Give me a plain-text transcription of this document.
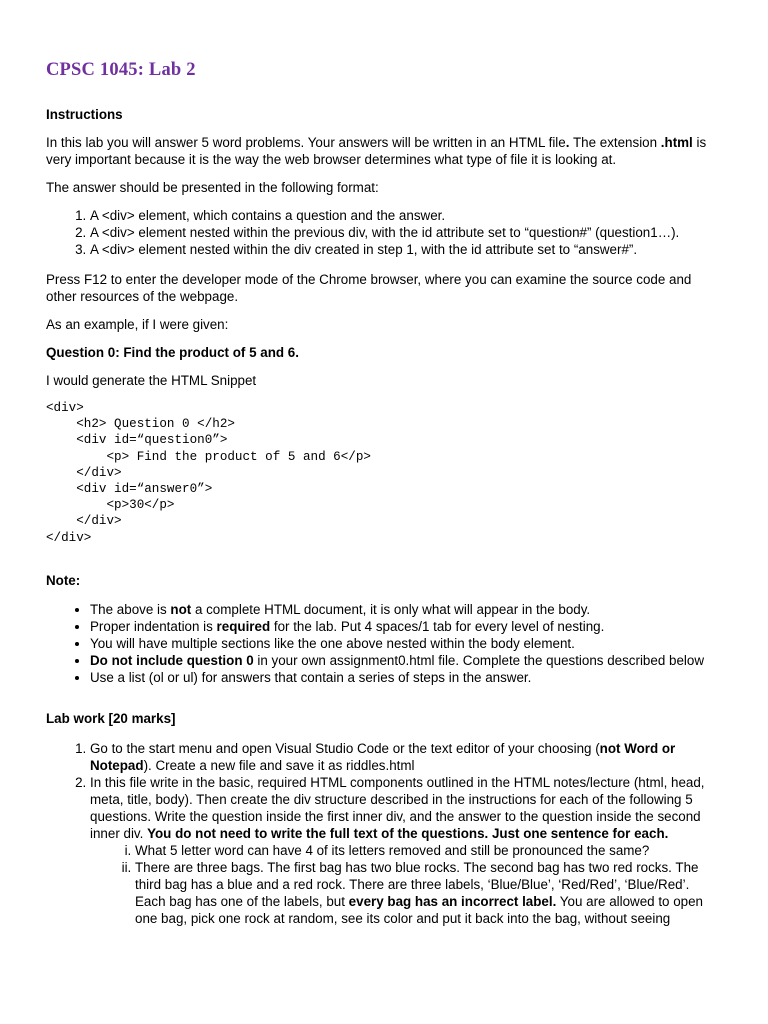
CPSC 1045: Lab 2

Instructions

In this lab you will answer 5 word problems. Your answers will be written in an HTML file. The extension .html is very important because it is the way the web browser determines what type of file it is looking at.

The answer should be presented in the following format:

1. A <div> element, which contains a question and the answer.
2. A <div> element nested within the previous div, with the id attribute set to “question#” (question1…).
3. A <div> element nested within the div created in step 1, with the id attribute set to “answer#”.

Press F12 to enter the developer mode of the Chrome browser, where you can examine the source code and other resources of the webpage.

As an example, if I were given:

Question 0: Find the product of 5 and 6.

I would generate the HTML Snippet

<div>
<h2> Question 0 </h2>
<div id=“question0”>
<p> Find the product of 5 and 6</p>
</div>
<div id=“answer0”>
<p>30</p>
</div>
</div>

Note:

• The above is not a complete HTML document, it is only what will appear in the body.
• Proper indentation is required for the lab. Put 4 spaces/1 tab for every level of nesting.
• You will have multiple sections like the one above nested within the body element.
• Do not include question 0 in your own assignment0.html file. Complete the questions described below
• Use a list (ol or ul) for answers that contain a series of steps in the answer.

Lab work [20 marks]

1. Go to the start menu and open Visual Studio Code or the text editor of your choosing (not Word or Notepad). Create a new file and save it as riddles.html
2. In this file write in the basic, required HTML components outlined in the HTML notes/lecture (html, head, meta, title, body). Then create the div structure described in the instructions for each of the following 5 questions. Write the question inside the first inner div, and the answer to the question inside the second inner div. You do not need to write the full text of the questions. Just one sentence for each.
i. What 5 letter word can have 4 of its letters removed and still be pronounced the same?
ii. There are three bags. The first bag has two blue rocks. The second bag has two red rocks. The third bag has a blue and a red rock. There are three labels, ‘Blue/Blue’, ‘Red/Red’, ‘Blue/Red’. Each bag has one of the labels, but every bag has an incorrect label. You are allowed to open one bag, pick one rock at random, see its color and put it back into the bag, without seeing
